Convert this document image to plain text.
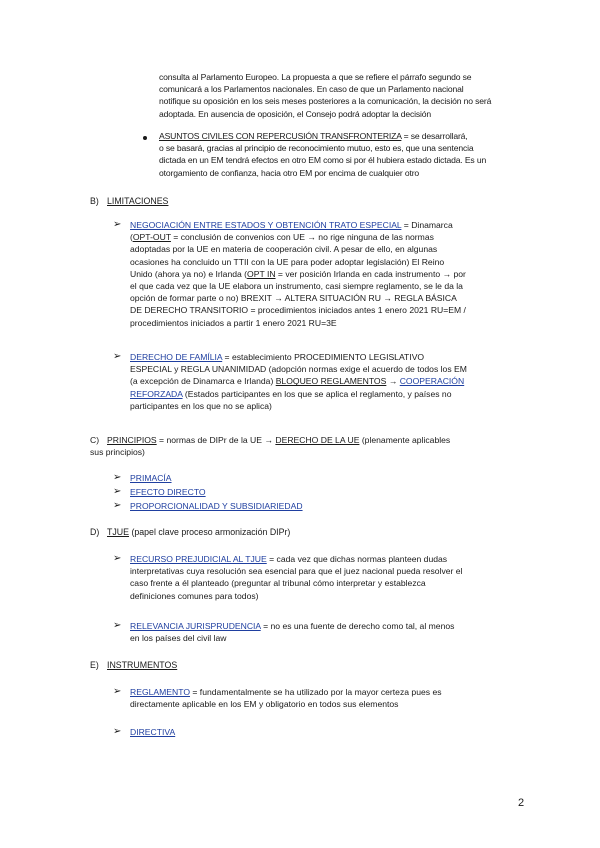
consulta al Parlamento Europeo. La propuesta a que se refiere el párrafo segundo se
comunicará a los Parlamentos nacionales. En caso de que un Parlamento nacional
notifique su oposición en los seis meses posteriores a la comunicación, la decisión no será
adoptada. En ausencia de oposición, el Consejo podrá adoptar la decisión
ASUNTOS CIVILES CON REPERCUSIÓN TRANSFRONTERIZA = se desarrollará,
o se basará, gracias al principio de reconocimiento mutuo, esto es, que una sentencia
dictada en un EM tendrá efectos en otro EM como si por él hubiera estado dictada. Es un
otorgamiento de confianza, hacia otro EM por encima de cualquier otro
B) LIMITACIONES
➢ NEGOCIACIÓN ENTRE ESTADOS Y OBTENCIÓN TRATO ESPECIAL = Dinamarca
(OPT-OUT = conclusión de convenios con UE → no rige ninguna de las normas
adoptadas por la UE en materia de cooperación civil. A pesar de ello, en algunas
ocasiones ha concluido un TTII con la UE para poder adoptar legislación) El Reino
Unido (ahora ya no) e Irlanda (OPT IN = ver posición Irlanda en cada instrumento → por
el que cada vez que la UE elabora un instrumento, casi siempre reglamento, se le da la
opción de formar parte o no) BREXIT → ALTERA SITUACIÓN RU → REGLA BÁSICA
DE DERECHO TRANSITORIO = procedimientos iniciados antes 1 enero 2021 RU=EM /
procedimientos iniciados a partir 1 enero 2021 RU=3E
➢ DERECHO DE FAMÍLIA = establecimiento PROCEDIMIENTO LEGISLATIVO
ESPECIAL y REGLA UNANIMIDAD (adopción normas exige el acuerdo de todos los EM
(a excepción de Dinamarca e Irlanda) BLOQUEO REGLAMENTOS → COOPERACIÓN
REFORZADA (Estados participantes en los que se aplica el reglamento, y países no
participantes en los que no se aplica)
C) PRINCIPIOS = normas de DIPr de la UE → DERECHO DE LA UE (plenamente aplicables
sus principios)
➢ PRIMACÍA
➢ EFECTO DIRECTO
➢ PROPORCIONALIDAD Y SUBSIDIARIEDAD
D) TJUE (papel clave proceso armonización DIPr)
➢ RECURSO PREJUDICIAL AL TJUE = cada vez que dichas normas planteen dudas
interpretativas cuya resolución sea esencial para que el juez nacional pueda resolver el
caso frente a él planteado (preguntar al tribunal cómo interpretar y establezca
definiciones comunes para todos)
➢ RELEVANCIA JURISPRUDENCIA = no es una fuente de derecho como tal, al menos
en los países del civil law
E) INSTRUMENTOS
➢ REGLAMENTO = fundamentalmente se ha utilizado por la mayor certeza pues es
directamente aplicable en los EM y obligatorio en todos sus elementos
➢ DIRECTIVA
2
